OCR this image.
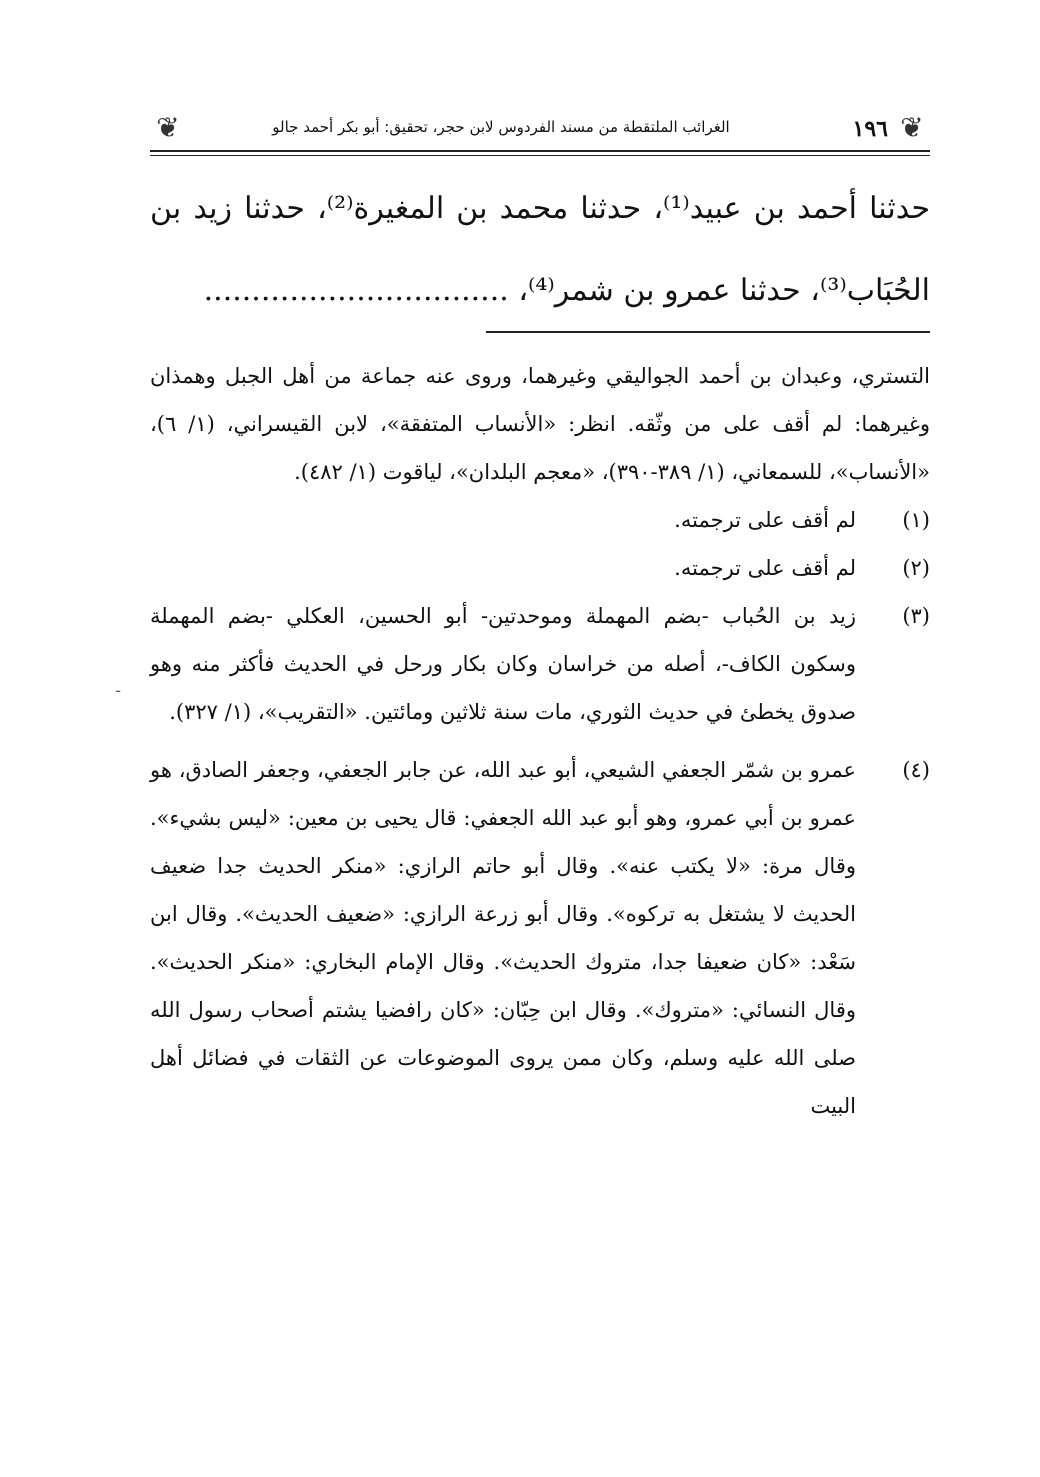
❦
١٩٦
الغرائب الملتقطة من مسند الفردوس لابن حجر، تحقيق: أبو بكر أحمد جالو
❦
حدثنا أحمد بن عبيد⁽¹⁾، حدثنا محمد بن المغيرة⁽²⁾، حدثنا زيد بن
الحُبَاب⁽³⁾، حدثنا عمرو بن شمر⁽⁴⁾، ................................
ـ
التستري، وعبدان بن أحمد الجواليقي وغيرهما، وروى عنه جماعة من أهل الجبل وهمذان وغيرهما: لم أقف على من وثّقه. انظر: «الأنساب المتفقة»، لابن القيسراني، (١/ ٦)، «الأنساب»، للسمعاني، (١/ ٣٨٩-٣٩٠)، «معجم البلدان»، لياقوت (١/ ٤٨٢).
(١)
لم أقف على ترجمته.
(٢)
لم أقف على ترجمته.
(٣)
زيد بن الحُباب -بضم المهملة وموحدتين- أبو الحسين، العكلي -بضم المهملة وسكون الكاف-، أصله من خراسان وكان بكار ورحل في الحديث فأكثر منه وهو صدوق يخطئ في حديث الثوري، مات سنة ثلاثين ومائتين. «التقريب»، (١/ ٣٢٧).
(٤)
عمرو بن شمّر الجعفي الشيعي، أبو عبد الله، عن جابر الجعفي، وجعفر الصادق، هو عمرو بن أبي عمرو، وهو أبو عبد الله الجعفي: قال يحيى بن معين: «ليس بشيء». وقال مرة: «لا يكتب عنه». وقال أبو حاتم الرازي: «منكر الحديث جدا ضعيف الحديث لا يشتغل به تركوه». وقال أبو زرعة الرازي: «ضعيف الحديث». وقال ابن سَعْد: «كان ضعيفا جدا، متروك الحديث». وقال الإمام البخاري: «منكر الحديث». وقال النسائي: «متروك». وقال ابن حِبّان: «كان رافضيا يشتم أصحاب رسول الله صلى الله عليه وسلم، وكان ممن يروى الموضوعات عن الثقات في فضائل أهل البيت
